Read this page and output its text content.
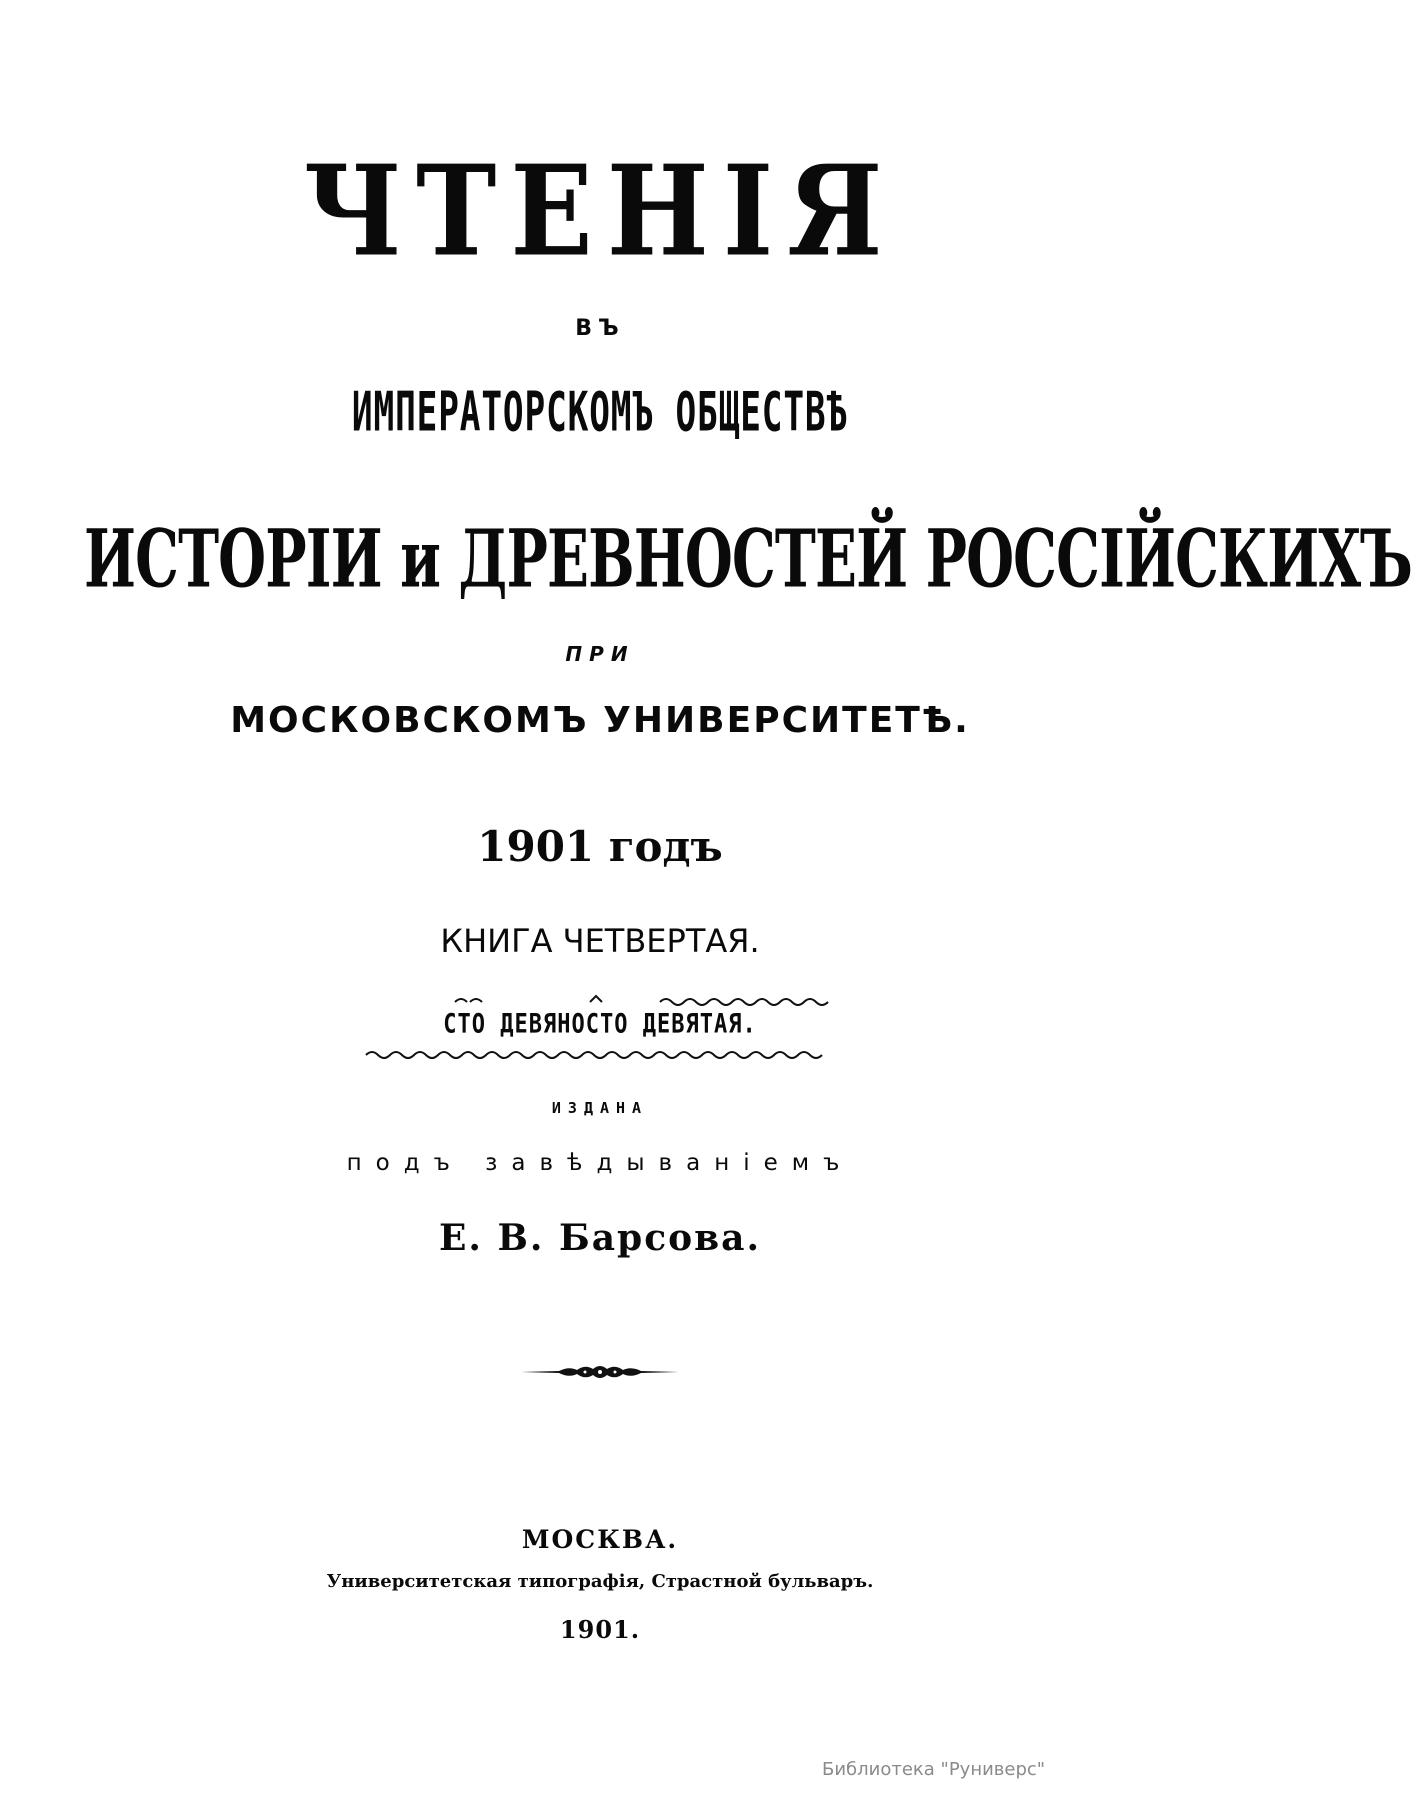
ЧТЕНІЯ
ВЪ
ИМПЕРАТОРСКОМЪ ОБЩЕСТВѢ
ИСТОРІИ и ДРЕВНОСТЕЙ РОССІЙСКИХЪ
ПРИ
МОСКОВСКОМЪ УНИВЕРСИТЕТѢ.
1901 годъ
КНИГА ЧЕТВЕРТАЯ.
СТО ДЕВЯНОСТО ДЕВЯТАЯ.
ИЗДАНА
подъ завѣдываніемъ
Е. В. Барсова.
МОСКВА.
Университетская типографія, Страстной бульваръ.
1901.
Библиотека "Руниверс"
